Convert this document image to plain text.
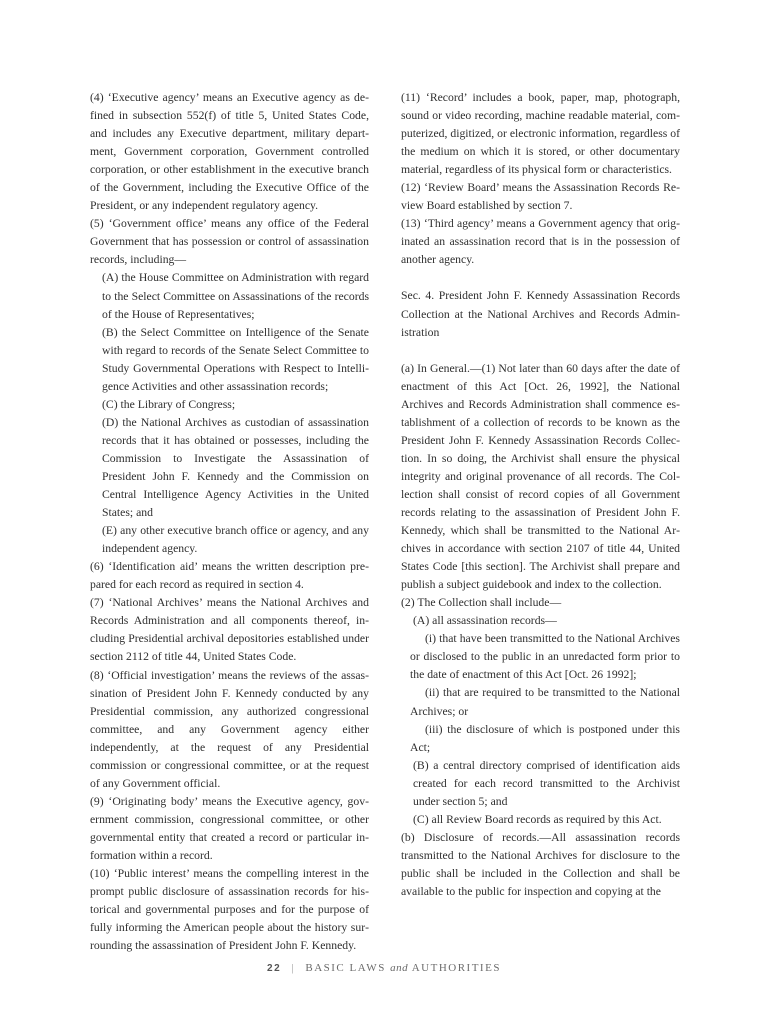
(4) ‘Executive agency’ means an Executive agency as defined in subsection 552(f) of title 5, United States Code, and includes any Executive department, military department, Government corporation, Government controlled corporation, or other establishment in the executive branch of the Government, including the Executive Office of the President, or any independent regulatory agency.

(5) ‘Government office’ means any office of the Federal Government that has possession or control of assassination records, including—

(A) the House Committee on Administration with regard to the Select Committee on Assassinations of the records of the House of Representatives;

(B) the Select Committee on Intelligence of the Senate with regard to records of the Senate Select Committee to Study Governmental Operations with Respect to Intelligence Activities and other assassination records;

(C) the Library of Congress;

(D) the National Archives as custodian of assassination records that it has obtained or possesses, including the Commission to Investigate the Assassination of President John F. Kennedy and the Commission on Central Intelligence Agency Activities in the United States; and

(E) any other executive branch office or agency, and any independent agency.

(6) ‘Identification aid’ means the written description prepared for each record as required in section 4.

(7) ‘National Archives’ means the National Archives and Records Administration and all components thereof, including Presidential archival depositories established under section 2112 of title 44, United States Code.

(8) ‘Official investigation’ means the reviews of the assassination of President John F. Kennedy conducted by any Presidential commission, any authorized congressional committee, and any Government agency either independently, at the request of any Presidential commission or congressional committee, or at the request of any Government official.

(9) ‘Originating body’ means the Executive agency, government commission, congressional committee, or other governmental entity that created a record or particular information within a record.

(10) ‘Public interest’ means the compelling interest in the prompt public disclosure of assassination records for historical and governmental purposes and for the purpose of fully informing the American people about the history surrounding the assassination of President John F. Kennedy.

(11) ‘Record’ includes a book, paper, map, photograph, sound or video recording, machine readable material, computerized, digitized, or electronic information, regardless of the medium on which it is stored, or other documentary material, regardless of its physical form or characteristics.

(12) ‘Review Board’ means the Assassination Records Review Board established by section 7.

(13) ‘Third agency’ means a Government agency that originated an assassination record that is in the possession of another agency.

Sec. 4. President John F. Kennedy Assassination Records Collection at the National Archives and Records Administration

(a) In General.—(1) Not later than 60 days after the date of enactment of this Act [Oct. 26, 1992], the National Archives and Records Administration shall commence establishment of a collection of records to be known as the President John F. Kennedy Assassination Records Collection. In so doing, the Archivist shall ensure the physical integrity and original provenance of all records. The Collection shall consist of record copies of all Government records relating to the assassination of President John F. Kennedy, which shall be transmitted to the National Archives in accordance with section 2107 of title 44, United States Code [this section]. The Archivist shall prepare and publish a subject guidebook and index to the collection.

(2) The Collection shall include—

(A) all assassination records—

(i) that have been transmitted to the National Archives or disclosed to the public in an unredacted form prior to the date of enactment of this Act [Oct. 26 1992];

(ii) that are required to be transmitted to the National Archives; or

(iii) the disclosure of which is postponed under this Act;

(B) a central directory comprised of identification aids created for each record transmitted to the Archivist under section 5; and

(C) all Review Board records as required by this Act.

(b) Disclosure of records.—All assassination records transmitted to the National Archives for disclosure to the public shall be included in the Collection and shall be available to the public for inspection and copying at the

22 | BASIC LAWS and AUTHORITIES
